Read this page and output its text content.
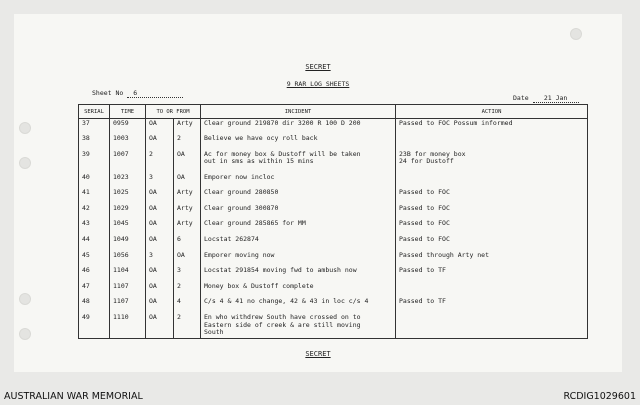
SECRET
9 RAR LOG SHEETS
Sheet No 6
Date 21 Jan
SERIAL	TIME	TO OR FROM		INCIDENT	ACTION
37	0959	OA	Arty	Clear ground 219870 dir 3200 R 100 D 200	Passed to FOC Possum informed
38	1003	OA	2	Believe we have ocy roll back	
39	1007	2	OA	Ac for money box & Dustoff will be taken
out in sms as within 15 mins	23B for money box
24 for Dustoff
40	1023	3	OA	Emporer now incloc	
41	1025	OA	Arty	Clear ground 280850	Passed to FOC
42	1029	OA	Arty	Clear ground 300870	Passed to FOC
43	1045	OA	Arty	Clear ground 285865 for MM	Passed to FOC
44	1049	OA	6	Locstat 262874	Passed to FOC
45	1056	3	OA	Emporer moving now	Passed through Arty net
46	1104	OA	3	Locstat 291854 moving fwd to ambush now	Passed to TF
47	1107	OA	2	Money box & Dustoff complete	
48	1107	OA	4	C/s 4 & 41 no change, 42 & 43 in loc c/s 4	Passed to TF
49	1110	OA	2	En who withdrew South have crossed on to
Eastern side of creek & are still moving
South	
SECRET
AUSTRALIAN WAR MEMORIAL	RCDIG1029601
